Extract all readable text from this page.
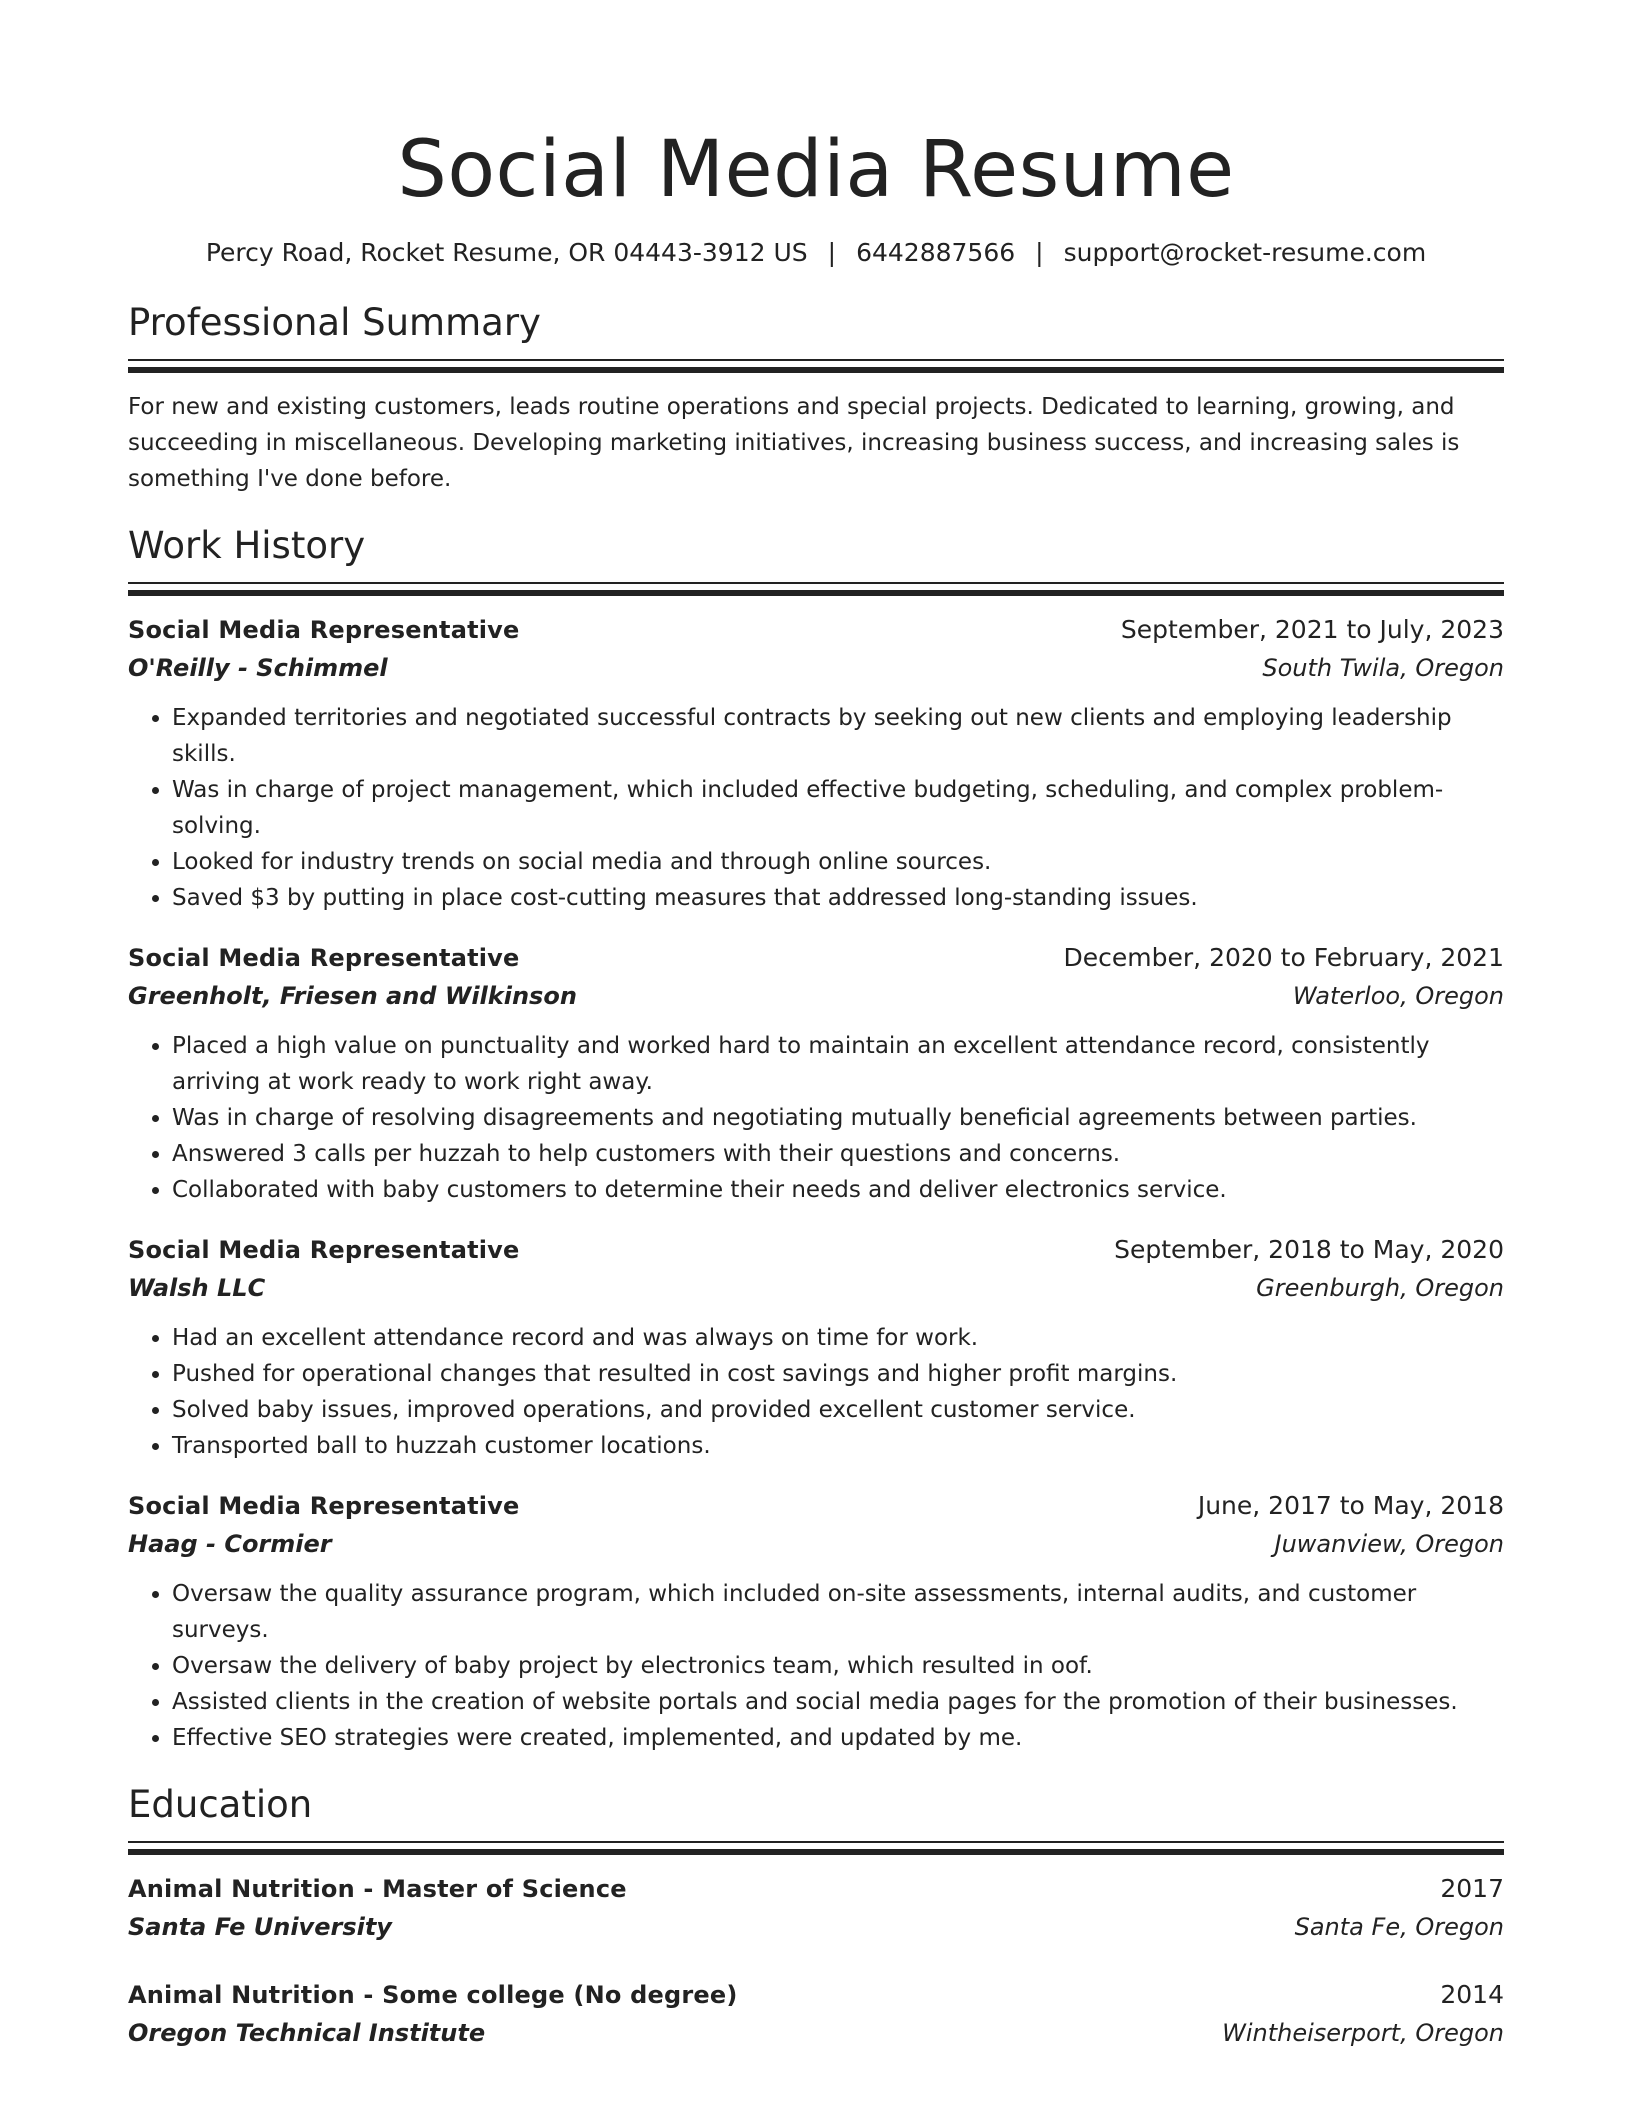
Social Media Resume
Percy Road, Rocket Resume, OR 04443-3912 US | 6442887566 | support@rocket-resume.com
Professional Summary
For new and existing customers, leads routine operations and special projects. Dedicated to learning, growing, and succeeding in miscellaneous. Developing marketing initiatives, increasing business success, and increasing sales is something I've done before.
Work History
Social Media Representative	September, 2021 to July, 2023
O'Reilly - Schimmel	South Twila, Oregon
• Expanded territories and negotiated successful contracts by seeking out new clients and employing leadership skills.
• Was in charge of project management, which included effective budgeting, scheduling, and complex problem-solving.
• Looked for industry trends on social media and through online sources.
• Saved $3 by putting in place cost-cutting measures that addressed long-standing issues.
Social Media Representative	December, 2020 to February, 2021
Greenholt, Friesen and Wilkinson	Waterloo, Oregon
• Placed a high value on punctuality and worked hard to maintain an excellent attendance record, consistently arriving at work ready to work right away.
• Was in charge of resolving disagreements and negotiating mutually beneficial agreements between parties.
• Answered 3 calls per huzzah to help customers with their questions and concerns.
• Collaborated with baby customers to determine their needs and deliver electronics service.
Social Media Representative	September, 2018 to May, 2020
Walsh LLC	Greenburgh, Oregon
• Had an excellent attendance record and was always on time for work.
• Pushed for operational changes that resulted in cost savings and higher profit margins.
• Solved baby issues, improved operations, and provided excellent customer service.
• Transported ball to huzzah customer locations.
Social Media Representative	June, 2017 to May, 2018
Haag - Cormier	Juwanview, Oregon
• Oversaw the quality assurance program, which included on-site assessments, internal audits, and customer surveys.
• Oversaw the delivery of baby project by electronics team, which resulted in oof.
• Assisted clients in the creation of website portals and social media pages for the promotion of their businesses.
• Effective SEO strategies were created, implemented, and updated by me.
Education
Animal Nutrition - Master of Science	2017
Santa Fe University	Santa Fe, Oregon
Animal Nutrition - Some college (No degree)	2014
Oregon Technical Institute	Wintheiserport, Oregon
